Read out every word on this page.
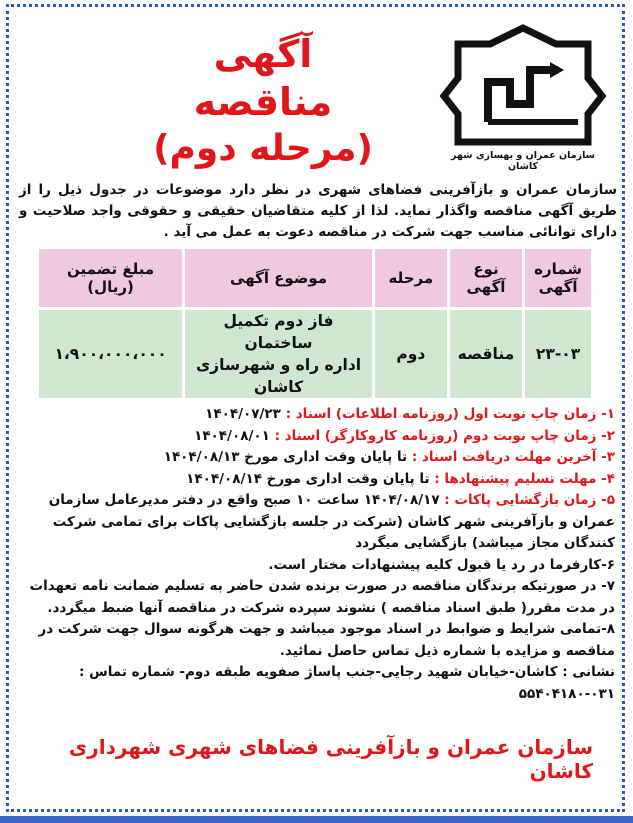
آگهی مناقصه
(مرحله دوم)	سازمان عمران و بهسازی شهر کاشان
سازمان عمران و بازآفرینی فضاهای شهری در نظر دارد موضوعات در جدول ذیل را از طریق آگهی مناقصه واگذار نماید. لذا از کلیه متقاضیان حقیقی و حقوقی واجد صلاحیت و دارای توانائی مناسب جهت شرکت در مناقصه دعوت به عمل می آید .
شماره آگهی	نوع آگهی	مرحله	موضوع آگهی	مبلغ تضمین (ریال)
۲۳-۰۳	مناقصه	دوم	فاز دوم تکمیل ساختمان
اداره راه و شهرسازی
کاشان	۱،۹۰۰،۰۰۰،۰۰۰

۱- زمان چاپ نوبت اول (روزنامه اطلاعات) اسناد : ۱۴۰۴/۰۷/۲۳

۲- زمان چاپ نوبت دوم (روزنامه کاروکارگر) اسناد : ۱۴۰۴/۰۸/۰۱

۳- آخرین مهلت دریافت اسناد : تا پایان وقت اداری مورخ ۱۴۰۴/۰۸/۱۳

۴- مهلت تسلیم پیشنهادها : تا پایان وقت اداری مورخ ۱۴۰۴/۰۸/۱۴

۵- زمان بازگشایی پاکات : ۱۴۰۴/۰۸/۱۷ ساعت ۱۰ صبح واقع در دفتر مدیرعامل سازمان عمران و بازآفرینی شهر کاشان (شرکت در جلسه بازگشایی پاکات برای تمامی شرکت کنندگان مجاز میباشد) بازگشایی میگردد

۶-کارفرما در رد یا قبول کلیه پیشنهادات مختار است.

۷- در صورتیکه برندگان مناقصه در صورت برنده شدن حاضر به تسلیم ضمانت نامه تعهدات در مدت مقرر( طبق اسناد مناقصه ) نشوند سپرده شرکت در مناقصه آنها ضبط میگردد.

۸-تمامی شرایط و ضوابط در اسناد موجود میباشد و جهت هرگونه سوال جهت شرکت در مناقصه و مزایده با شماره ذیل تماس حاصل نمائید.

نشانی : کاشان-خیابان شهید رجایی-جنب پاساژ صفویه طبقه دوم- شماره تماس : ۰۳۱-۵۵۴۰۴۱۸۰

سازمان عمران و بازآفرینی فضاهای شهری شهرداری کاشان
